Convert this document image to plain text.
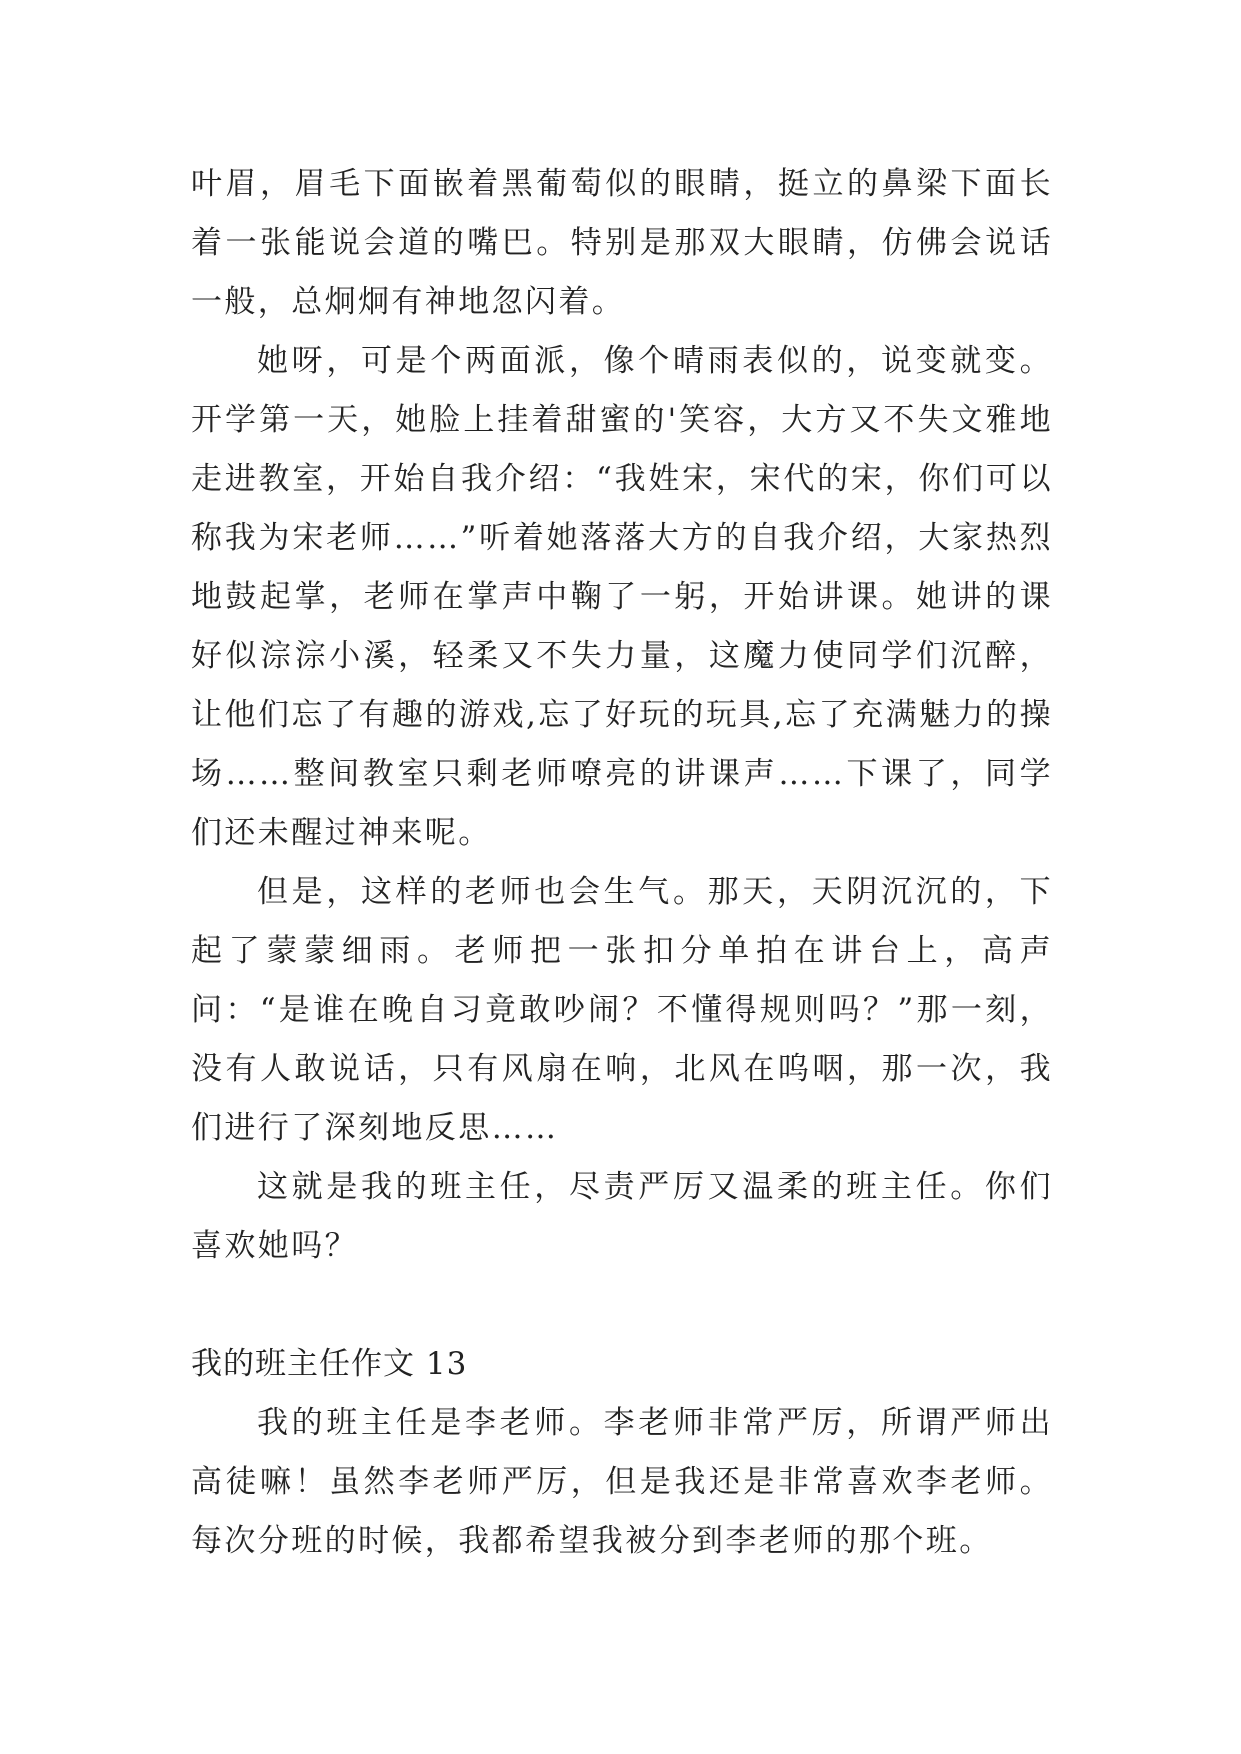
叶眉，眉毛下面嵌着黑葡萄似的眼睛，挺立的鼻梁下面长着一张能说会道的嘴巴。特别是那双大眼睛，仿佛会说话一般，总炯炯有神地忽闪着。

她呀，可是个两面派，像个晴雨表似的，说变就变。开学第一天，她脸上挂着甜蜜的'笑容，大方又不失文雅地走进教室，开始自我介绍：“我姓宋，宋代的宋，你们可以称我为宋老师……”听着她落落大方的自我介绍，大家热烈地鼓起掌，老师在掌声中鞠了一躬，开始讲课。她讲的课好似淙淙小溪，轻柔又不失力量，这魔力使同学们沉醉，让他们忘了有趣的游戏,忘了好玩的玩具,忘了充满魅力的操场……整间教室只剩老师嘹亮的讲课声……下课了，同学们还未醒过神来呢。

但是，这样的老师也会生气。那天，天阴沉沉的，下起了蒙蒙细雨。老师把一张扣分单拍在讲台上，高声问：“是谁在晚自习竟敢吵闹？不懂得规则吗？”那一刻，没有人敢说话，只有风扇在响，北风在呜咽，那一次，我们进行了深刻地反思……

这就是我的班主任，尽责严厉又温柔的班主任。你们喜欢她吗？

我的班主任作文 13

我的班主任是李老师。李老师非常严厉，所谓严师出高徒嘛！虽然李老师严厉，但是我还是非常喜欢李老师。每次分班的时候，我都希望我被分到李老师的那个班。
